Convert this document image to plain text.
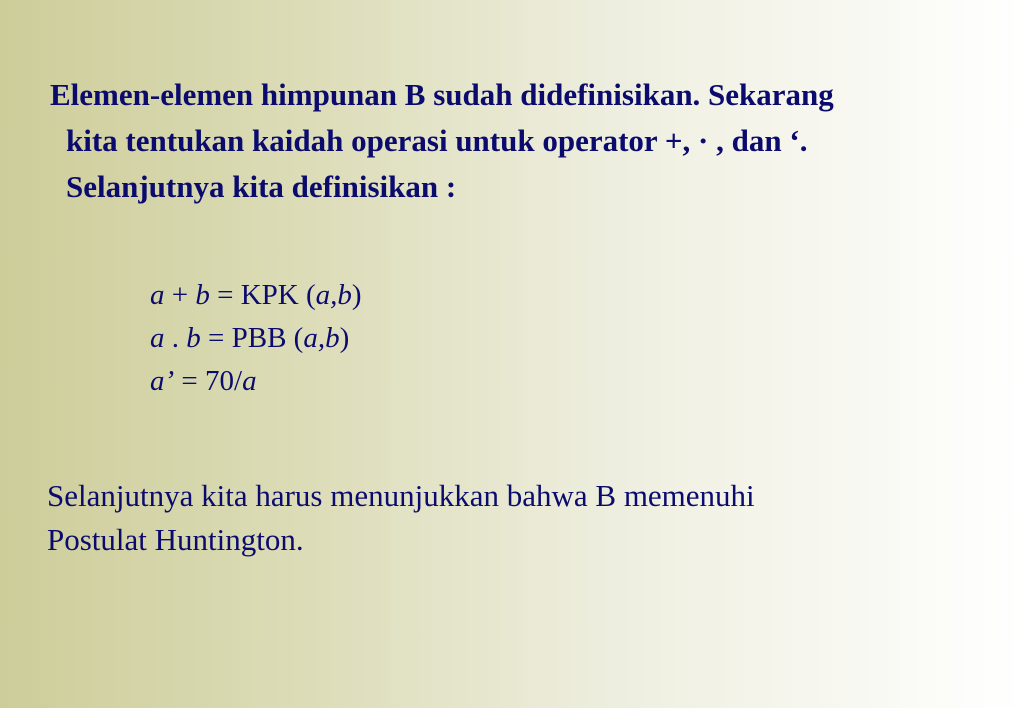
Elemen-elemen himpunan B sudah didefinisikan. Sekarang
kita tentukan kaidah operasi untuk operator +, · , dan ‘.
Selanjutnya kita definisikan :
a + b = KPK (a,b)
a . b = PBB (a,b)
a’ = 70/a
Selanjutnya kita harus menunjukkan bahwa B memenuhi
Postulat Huntington.
